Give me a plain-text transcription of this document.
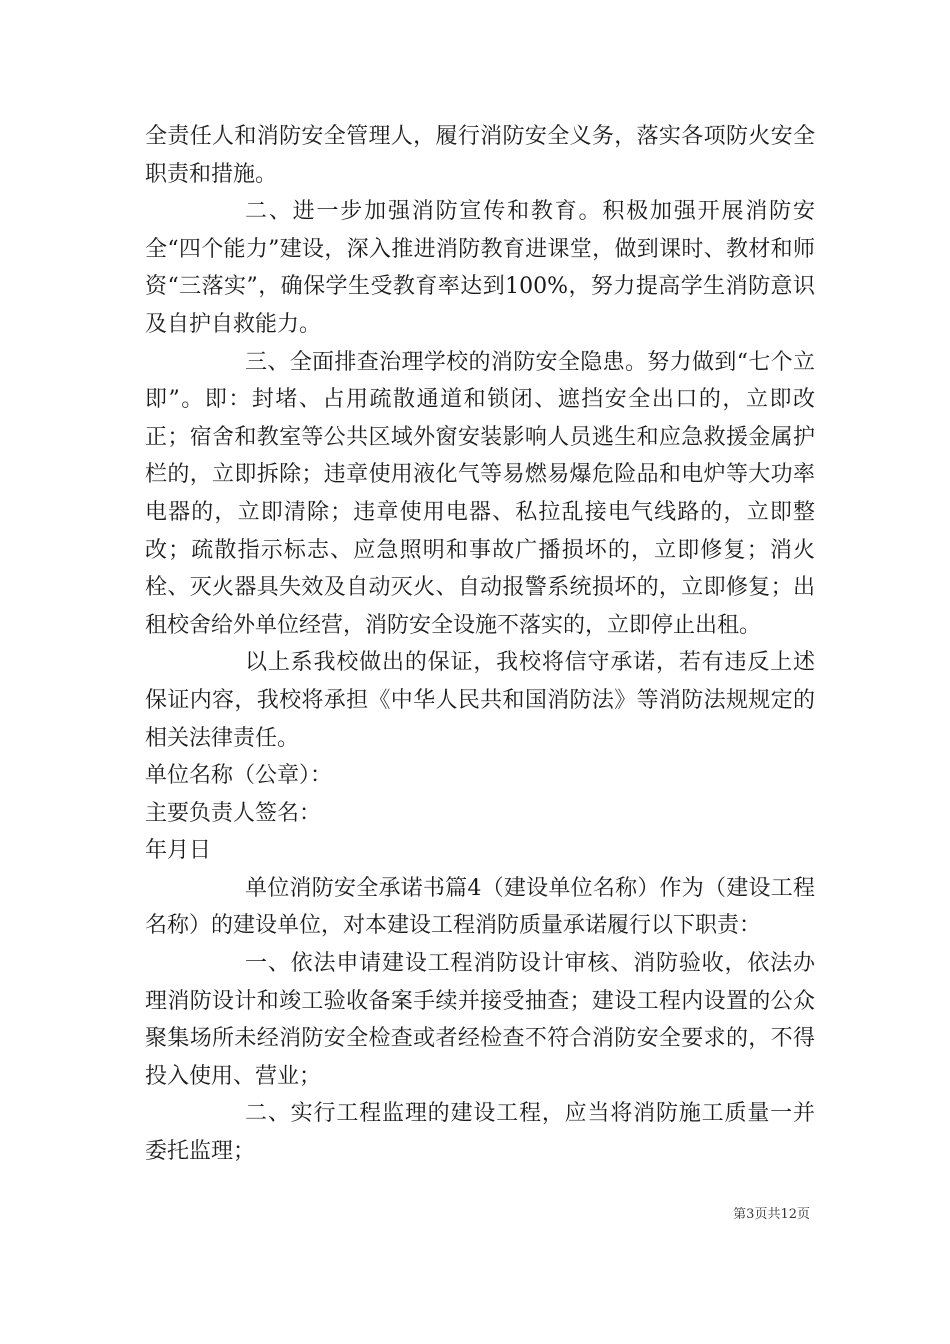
全责任人和消防安全管理人，履行消防安全义务，落实各项防火安全职责和措施。

二、进一步加强消防宣传和教育。积极加强开展消防安全“四个能力”建设，深入推进消防教育进课堂，做到课时、教材和师资“三落实”，确保学生受教育率达到100%，努力提高学生消防意识及自护自救能力。

三、全面排查治理学校的消防安全隐患。努力做到“七个立即”。即：封堵、占用疏散通道和锁闭、遮挡安全出口的，立即改正；宿舍和教室等公共区域外窗安装影响人员逃生和应急救援金属护栏的，立即拆除；违章使用液化气等易燃易爆危险品和电炉等大功率电器的，立即清除；违章使用电器、私拉乱接电气线路的，立即整改；疏散指示标志、应急照明和事故广播损坏的，立即修复；消火栓、灭火器具失效及自动灭火、自动报警系统损坏的，立即修复；出租校舍给外单位经营，消防安全设施不落实的，立即停止出租。

以上系我校做出的保证，我校将信守承诺，若有违反上述保证内容，我校将承担《中华人民共和国消防法》等消防法规规定的相关法律责任。

单位名称（公章）：

主要负责人签名：

年月日

单位消防安全承诺书篇4（建设单位名称）作为（建设工程名称）的建设单位，对本建设工程消防质量承诺履行以下职责：

一、依法申请建设工程消防设计审核、消防验收，依法办理消防设计和竣工验收备案手续并接受抽查；建设工程内设置的公众聚集场所未经消防安全检查或者经检查不符合消防安全要求的，不得投入使用、营业；

二、实行工程监理的建设工程，应当将消防施工质量一并委托监理；

第3页共12页
